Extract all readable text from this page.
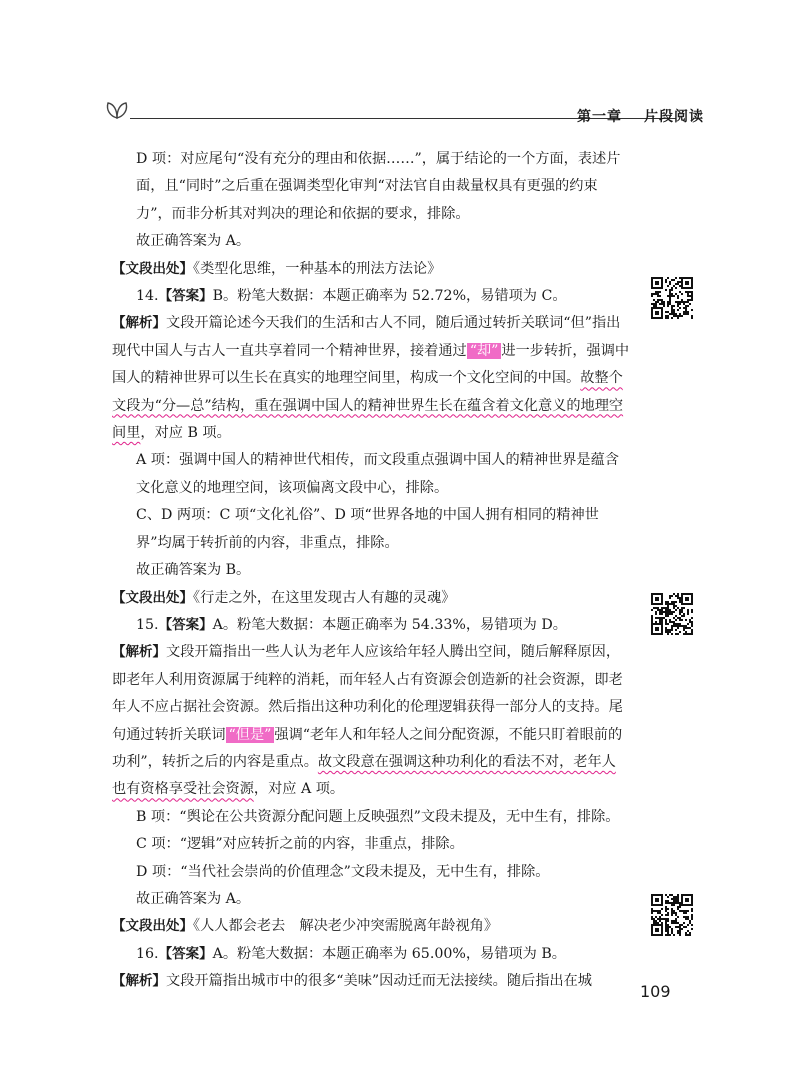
第一章 片段阅读

D 项：对应尾句“没有充分的理由和依据……”，属于结论的一个方面，表述片面，且“同时”之后重在强调类型化审判“对法官自由裁量权具有更强的约束力”，而非分析其对判决的理论和依据的要求，排除。

故正确答案为 A。

【文段出处】《类型化思维，一种基本的刑法方法论》

14.【答案】B。粉笔大数据：本题正确率为 52.72%，易错项为 C。

【解析】文段开篇论述今天我们的生活和古人不同，随后通过转折关联词“但”指出现代中国人与古人一直共享着同一个精神世界，接着通过 “却” 进一步转折，强调中国人的精神世界可以生长在真实的地理空间里，构成一个文化空间的中国。故整个文段为“分—总”结构，重在强调中国人的精神世界生长在蕴含着文化意义的地理空间里，对应 B 项。

A 项：强调中国人的精神世代相传，而文段重点强调中国人的精神世界是蕴含文化意义的地理空间，该项偏离文段中心，排除。

C、D 两项：C 项“文化礼俗”、D 项“世界各地的中国人拥有相同的精神世界”均属于转折前的内容，非重点，排除。

故正确答案为 B。

【文段出处】《行走之外，在这里发现古人有趣的灵魂》

15.【答案】A。粉笔大数据：本题正确率为 54.33%，易错项为 D。

【解析】文段开篇指出一些人认为老年人应该给年轻人腾出空间，随后解释原因，即老年人利用资源属于纯粹的消耗，而年轻人占有资源会创造新的社会资源，即老年人不应占据社会资源。然后指出这种功利化的伦理逻辑获得一部分人的支持。尾句通过转折关联词 “但是” 强调“老年人和年轻人之间分配资源，不能只盯着眼前的功利”，转折之后的内容是重点。故文段意在强调这种功利化的看法不对，老年人也有资格享受社会资源，对应 A 项。

B 项：“舆论在公共资源分配问题上反映强烈”文段未提及，无中生有，排除。

C 项：“逻辑”对应转折之前的内容，非重点，排除。

D 项：“当代社会崇尚的价值理念”文段未提及，无中生有，排除。

故正确答案为 A。

【文段出处】《人人都会老去　解决老少冲突需脱离年龄视角》

16.【答案】A。粉笔大数据：本题正确率为 65.00%，易错项为 B。

【解析】文段开篇指出城市中的很多“美味”因动迁而无法接续。随后指出在城

109
